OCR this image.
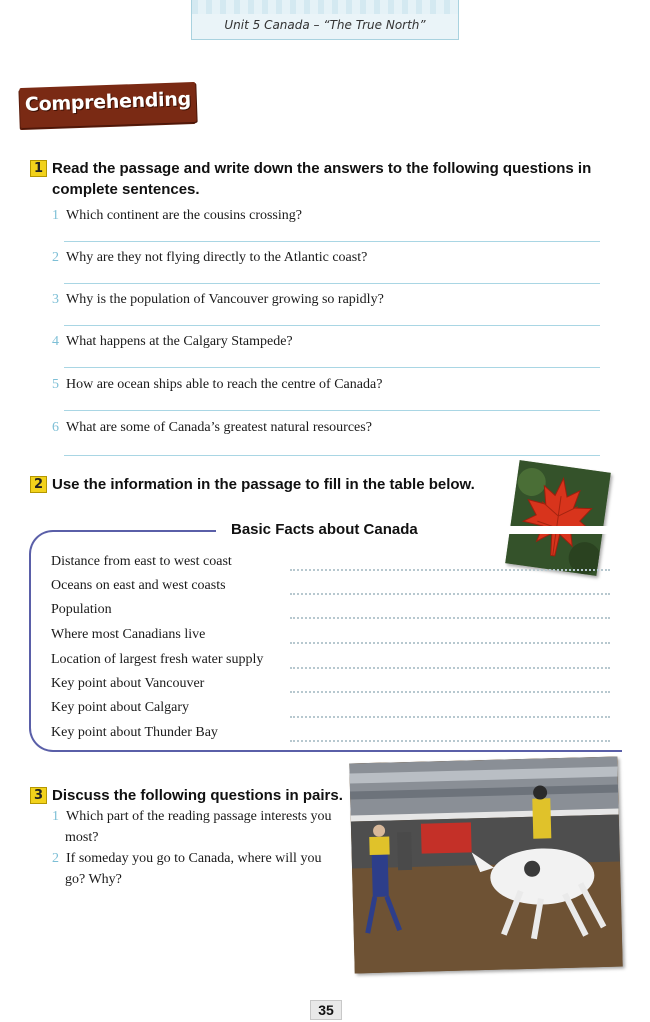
Unit 5 Canada – “The True North”
Comprehending
1 Read the passage and write down the answers to the following questions in complete sentences.
1 Which continent are the cousins crossing?
2 Why are they not flying directly to the Atlantic coast?
3 Why is the population of Vancouver growing so rapidly?
4 What happens at the Calgary Stampede?
5 How are ocean ships able to reach the centre of Canada?
6 What are some of Canada’s greatest natural resources?
2 Use the information in the passage to fill in the table below.
Basic Facts about Canada
Distance from east to west coast
Oceans on east and west coasts
Population
Where most Canadians live
Location of largest fresh water supply
Key point about Vancouver
Key point about Calgary
Key point about Thunder Bay
3 Discuss the following questions in pairs.
1 Which part of the reading passage interests you
most?
2 If someday you go to Canada, where will you
go? Why?
35
